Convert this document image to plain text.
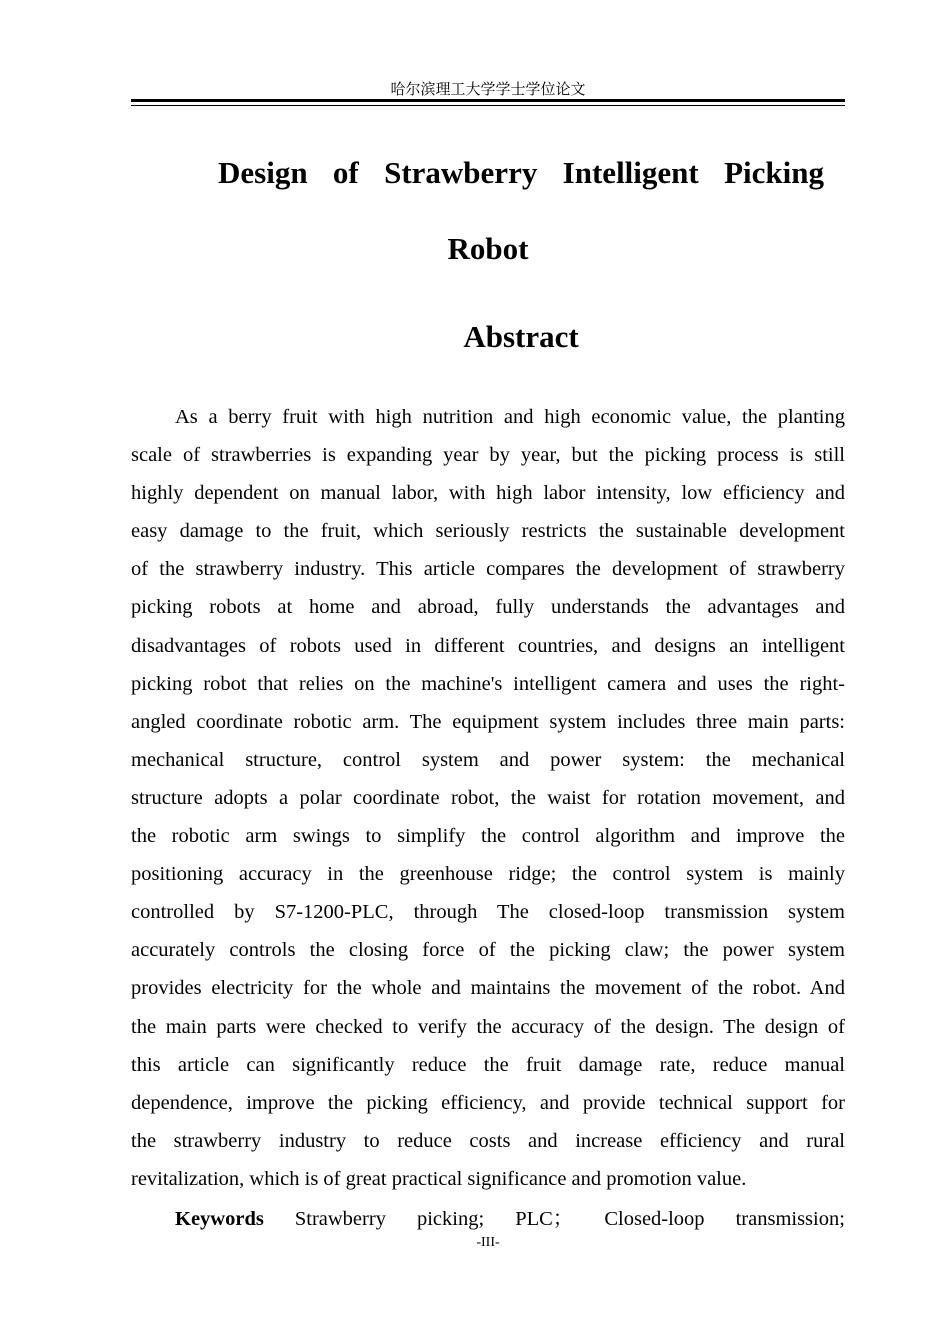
哈尔滨理工大学学士学位论文
Design of Strawberry Intelligent Picking
Robot
Abstract
As a berry fruit with high nutrition and high economic value, the planting
scale of strawberries is expanding year by year, but the picking process is still
highly dependent on manual labor, with high labor intensity, low efficiency and
easy damage to the fruit, which seriously restricts the sustainable development
of the strawberry industry. This article compares the development of strawberry
picking robots at home and abroad, fully understands the advantages and
disadvantages of robots used in different countries, and designs an intelligent
picking robot that relies on the machine's intelligent camera and uses the right-
angled coordinate robotic arm. The equipment system includes three main parts:
mechanical structure, control system and power system: the mechanical
structure adopts a polar coordinate robot, the waist for rotation movement, and
the robotic arm swings to simplify the control algorithm and improve the
positioning accuracy in the greenhouse ridge; the control system is mainly
controlled by S7-1200-PLC, through The closed-loop transmission system
accurately controls the closing force of the picking claw; the power system
provides electricity for the whole and maintains the movement of the robot. And
the main parts were checked to verify the accuracy of the design. The design of
this article can significantly reduce the fruit damage rate, reduce manual
dependence, improve the picking efficiency, and provide technical support for
the strawberry industry to reduce costs and increase efficiency and rural
revitalization, which is of great practical significance and promotion value.
Keywords Strawberry picking; PLC； Closed-loop transmission;
-III-
